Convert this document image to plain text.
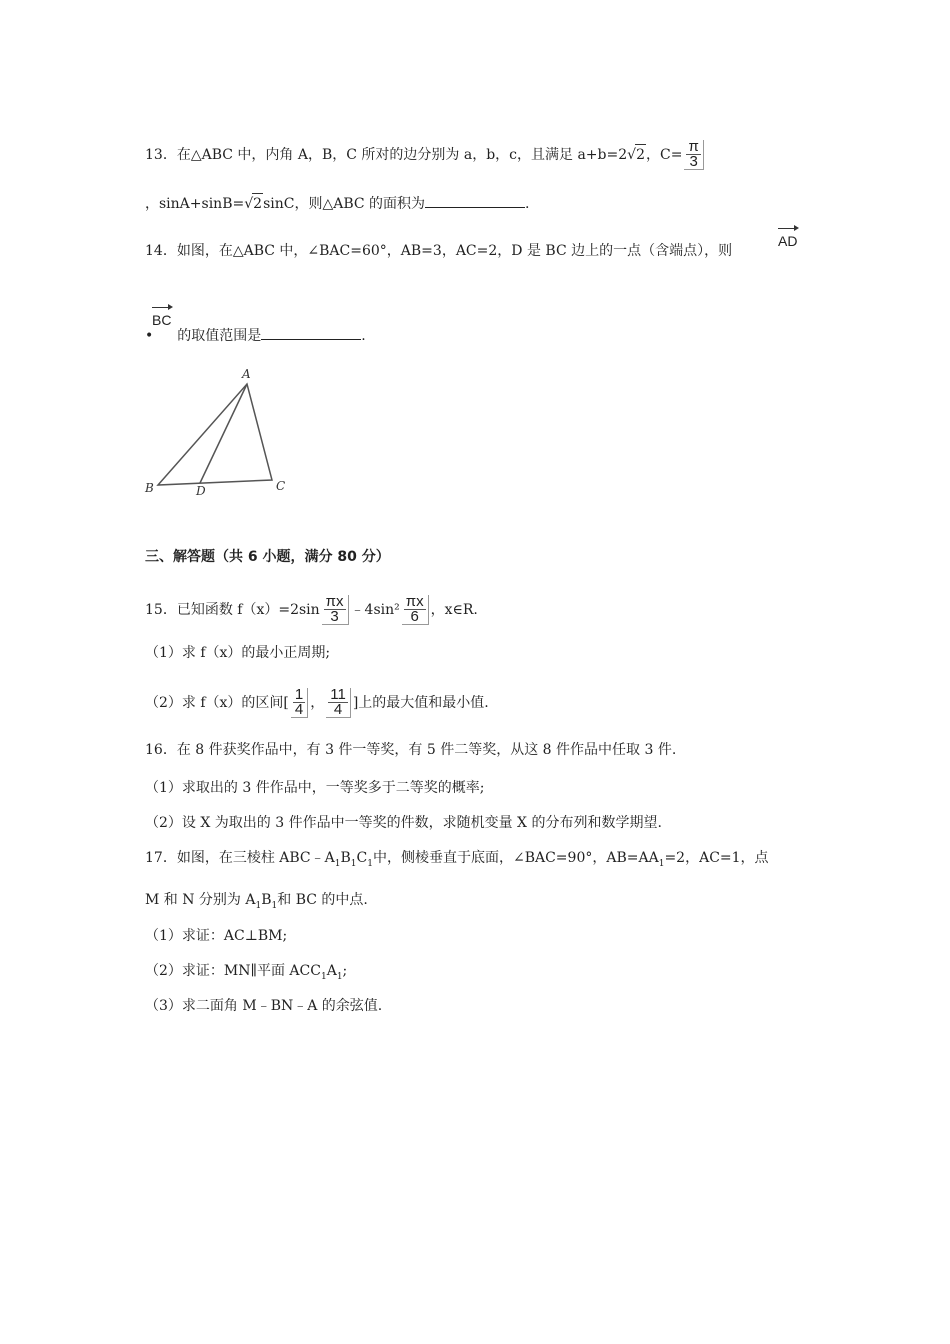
13．在△ABC 中，内角 A，B，C 所对的边分别为 a，b，c，且满足 a+b=2√2，$C= \frac{\pi}{3}$
，sinA+sinB=√2sinC，则△ABC 的面积为	.
14．如图，在△ABC 中，∠BAC=60°，AB=3，AC=2，D 是 BC 边上的一点（含端点），则
AD
BC
• 的取值范围是	.
A
B	D	C
三、解答题（共 6 小题，满分 80 分）
15．已知函数 $f(x)=2\sin \frac{\pi x}{3}$ ﹣4sin² $\frac{\pi x}{6}$ ，x∈R.
（1）求 f（x）的最小正周期;
（2）求 f（x）的区间[ $\frac{1}{4}$ ， $\frac{11}{4}$ ]上的最大值和最小值.
16．在 8 件获奖作品中，有 3 件一等奖，有 5 件二等奖，从这 8 件作品中任取 3 件.
（1）求取出的 3 件作品中，一等奖多于二等奖的概率;
（2）设 X 为取出的 3 件作品中一等奖的件数，求随机变量 X 的分布列和数学期望.
17．如图，在三棱柱 $ABC﹣A_1B_1C_1$中，侧棱垂直于底面，∠BAC=90°，$AB=AA_1=2$，AC=1，点
M 和 N 分别为 $A_1B_1$和 BC 的中点.
（1）求证：AC⊥BM;
（2）求证：MN∥平面 $ACC_1A_1$;
（3）求二面角 M﹣BN﹣A 的余弦值.
